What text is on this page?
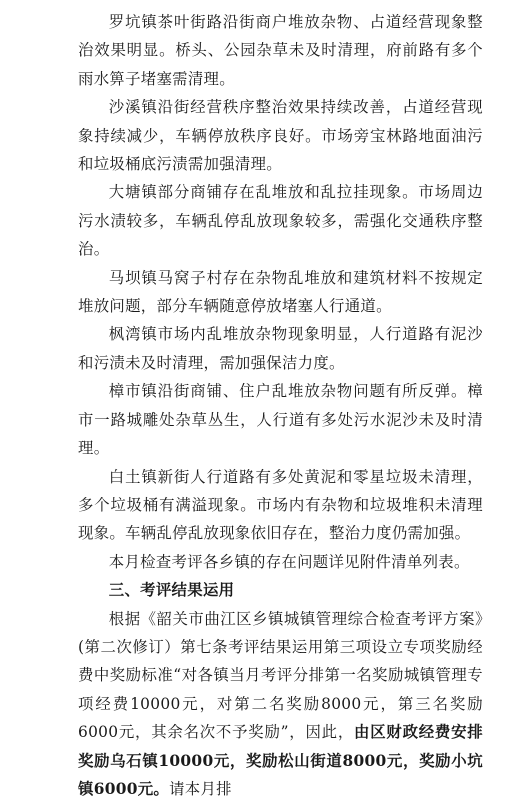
罗坑镇茶叶街路沿街商户堆放杂物、占道经营现象整治效果明显。桥头、公园杂草未及时清理，府前路有多个雨水箅子堵塞需清理。

沙溪镇沿街经营秩序整治效果持续改善，占道经营现象持续减少，车辆停放秩序良好。市场旁宝林路地面油污和垃圾桶底污渍需加强清理。

大塘镇部分商铺存在乱堆放和乱拉挂现象。市场周边污水渍较多，车辆乱停乱放现象较多，需强化交通秩序整治。

马坝镇马窝子村存在杂物乱堆放和建筑材料不按规定堆放问题，部分车辆随意停放堵塞人行通道。

枫湾镇市场内乱堆放杂物现象明显，人行道路有泥沙和污渍未及时清理，需加强保洁力度。

樟市镇沿街商铺、住户乱堆放杂物问题有所反弹。樟市一路城雕处杂草丛生，人行道有多处污水泥沙未及时清理。

白土镇新街人行道路有多处黄泥和零星垃圾未清理，多个垃圾桶有满溢现象。市场内有杂物和垃圾堆积未清理现象。车辆乱停乱放现象依旧存在，整治力度仍需加强。

本月检查考评各乡镇的存在问题详见附件清单列表。

三、考评结果运用

根据《韶关市曲江区乡镇城镇管理综合检查考评方案》(第二次修订）第七条考评结果运用第三项设立专项奖励经费中奖励标准“对各镇当月考评分排第一名奖励城镇管理专项经费10000元，对第二名奖励8000元，第三名奖励6000元，其余名次不予奖励”，因此，由区财政经费安排奖励乌石镇10000元，奖励松山街道8000元，奖励小坑镇6000元。请本月排
